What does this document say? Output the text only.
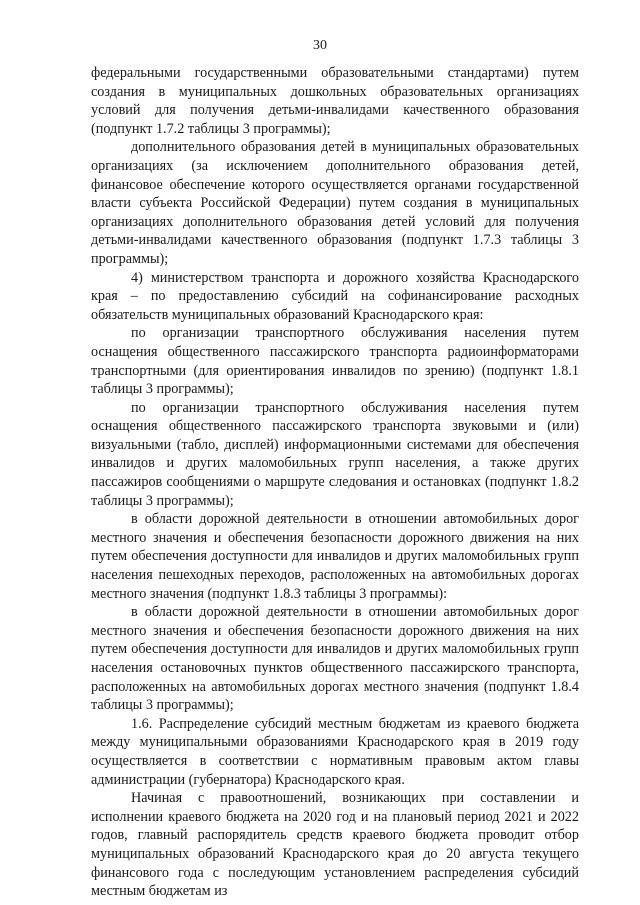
30

федеральными государственными образовательными стандартами) путем создания в муниципальных дошкольных образовательных организациях условий для получения детьми-инвалидами качественного образования (подпункт 1.7.2 таблицы 3 программы);

дополнительного образования детей в муниципальных образовательных организациях (за исключением дополнительного образования детей, финансовое обеспечение которого осуществляется органами государственной власти субъекта Российской Федерации) путем создания в муниципальных организациях дополнительного образования детей условий для получения детьми-инвалидами качественного образования (подпункт 1.7.3 таблицы 3 программы);

4) министерством транспорта и дорожного хозяйства Краснодарского края – по предоставлению субсидий на софинансирование расходных обязательств муниципальных образований Краснодарского края:

по организации транспортного обслуживания населения путем оснащения общественного пассажирского транспорта радиоинформаторами транспортными (для ориентирования инвалидов по зрению) (подпункт 1.8.1 таблицы 3 программы);

по организации транспортного обслуживания населения путем оснащения общественного пассажирского транспорта звуковыми и (или) визуальными (табло, дисплей) информационными системами для обеспечения инвалидов и других маломобильных групп населения, а также других пассажиров сообщениями о маршруте следования и остановках (подпункт 1.8.2 таблицы 3 программы);

в области дорожной деятельности в отношении автомобильных дорог местного значения и обеспечения безопасности дорожного движения на них путем обеспечения доступности для инвалидов и других маломобильных групп населения пешеходных переходов, расположенных на автомобильных дорогах местного значения (подпункт 1.8.3 таблицы 3 программы):

в области дорожной деятельности в отношении автомобильных дорог местного значения и обеспечения безопасности дорожного движения на них путем обеспечения доступности для инвалидов и других маломобильных групп населения остановочных пунктов общественного пассажирского транспорта, расположенных на автомобильных дорогах местного значения (подпункт 1.8.4 таблицы 3 программы);

1.6. Распределение субсидий местным бюджетам из краевого бюджета между муниципальными образованиями Краснодарского края в 2019 году осуществляется в соответствии с нормативным правовым актом главы администрации (губернатора) Краснодарского края.

Начиная с правоотношений, возникающих при составлении и исполнении краевого бюджета на 2020 год и на плановый период 2021 и 2022 годов, главный распорядитель средств краевого бюджета проводит отбор муниципальных образований Краснодарского края до 20 августа текущего финансового года с последующим установлением распределения субсидий местным бюджетам из
